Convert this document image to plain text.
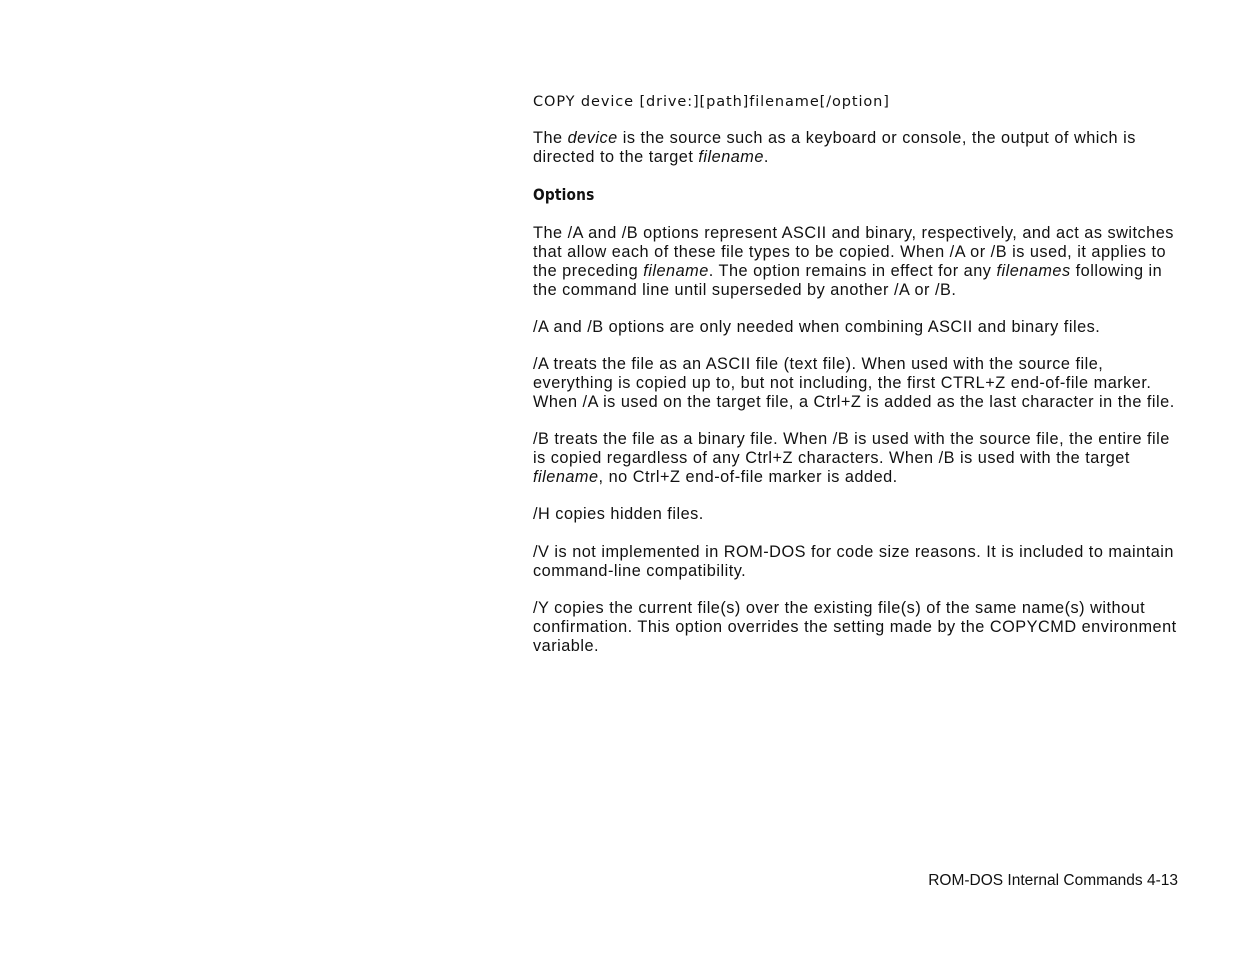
COPY device [drive:][path]filename[/option]

The device is the source such as a keyboard or console, the output of which is directed to the target filename.

Options

The /A and /B options represent ASCII and binary, respectively, and act as switches that allow each of these file types to be copied. When /A or /B is used, it applies to the preceding filename. The option remains in effect for any filenames following in the command line until superseded by another /A or /B.

/A and /B options are only needed when combining ASCII and binary files.

/A treats the file as an ASCII file (text file). When used with the source file, everything is copied up to, but not including, the first CTRL+Z end-of-file marker. When /A is used on the target file, a Ctrl+Z is added as the last character in the file.

/B treats the file as a binary file. When /B is used with the source file, the entire file is copied regardless of any Ctrl+Z characters. When /B is used with the target filename, no Ctrl+Z end-of-file marker is added.

/H copies hidden files.

/V is not implemented in ROM-DOS for code size reasons. It is included to maintain command-line compatibility.

/Y copies the current file(s) over the existing file(s) of the same name(s) without confirmation. This option overrides the setting made by the COPYCMD environment variable.

ROM-DOS Internal Commands 4-13
